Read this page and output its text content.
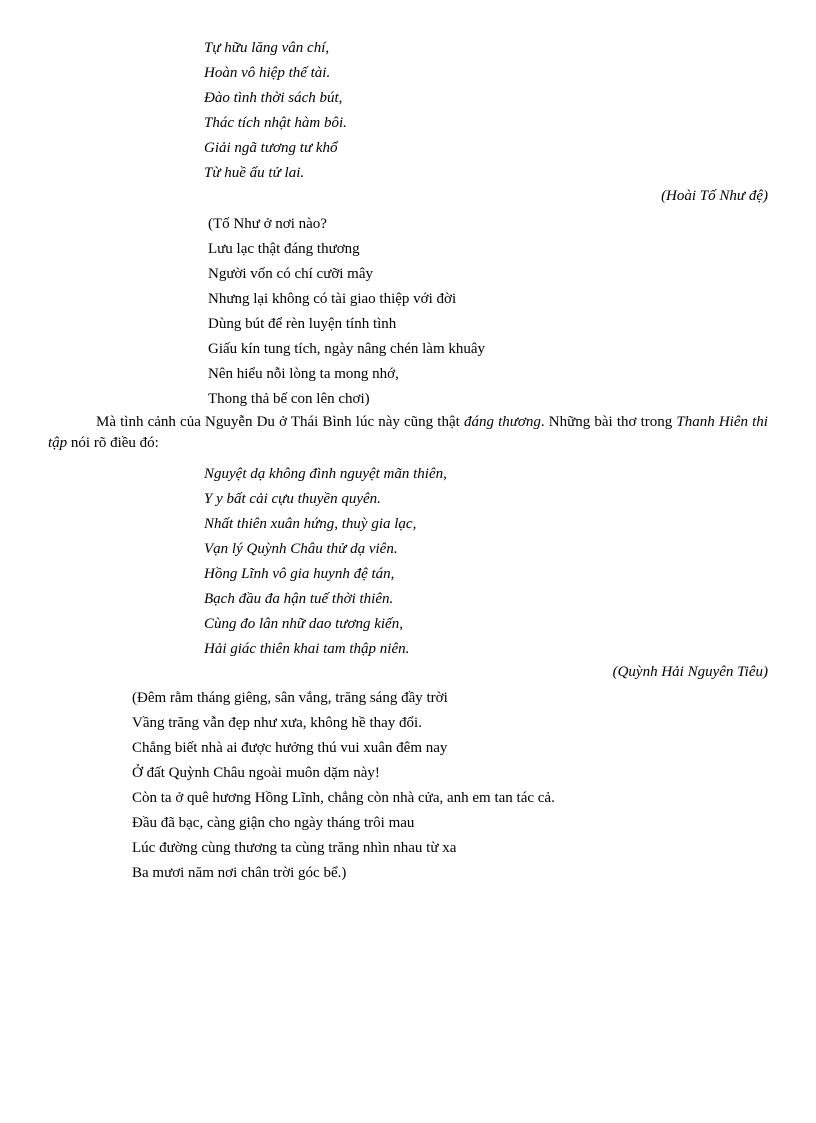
Tự hữu lăng vân chí,
Hoàn vô hiệp thế tài.
Đào tình thời sách bút,
Thác tích nhật hàm bôi.
Giải ngã tương tư khổ
Từ huề ấu tử lai.
(Hoài Tố Như đệ)
(Tố Như ở nơi nào?
Lưu lạc thật đáng thương
Người vốn có chí cưỡi mây
Nhưng lại không có tài giao thiệp với đời
Dùng bút để rèn luyện tính tình
Giấu kín tung tích, ngày nâng chén làm khuây
Nên hiểu nỗi lòng ta mong nhớ,
Thong thả bế con lên chơi)
Mà tình cảnh của Nguyễn Du ở Thái Bình lúc này cũng thật đáng thương. Những bài thơ trong Thanh Hiên thi tập nói rõ điều đó:
Nguyệt dạ không đình nguyệt mãn thiên,
Y y bất cải cựu thuyền quyên.
Nhất thiên xuân hứng, thuỳ gia lạc,
Vạn lý Quỳnh Châu thử dạ viên.
Hồng Lĩnh vô gia huynh đệ tán,
Bạch đầu đa hận tuế thời thiên.
Cùng đo lân nhữ dao tương kiến,
Hải giác thiên khai tam thập niên.
(Quỳnh Hải Nguyên Tiêu)
(Đêm rằm tháng giêng, sân vắng, trăng sáng đầy trời
Vầng trăng vẫn đẹp như xưa, không hề thay đổi.
Chẳng biết nhà ai được hưởng thú vui xuân đêm nay
Ở đất Quỳnh Châu ngoài muôn dặm này!
Còn ta ở quê hương Hồng Lĩnh, chẳng còn nhà cửa, anh em tan tác cả.
Đầu đã bạc, càng giận cho ngày tháng trôi mau
Lúc đường cùng thương ta cùng trăng nhìn nhau từ xa
Ba mươi năm nơi chân trời góc bể.)
